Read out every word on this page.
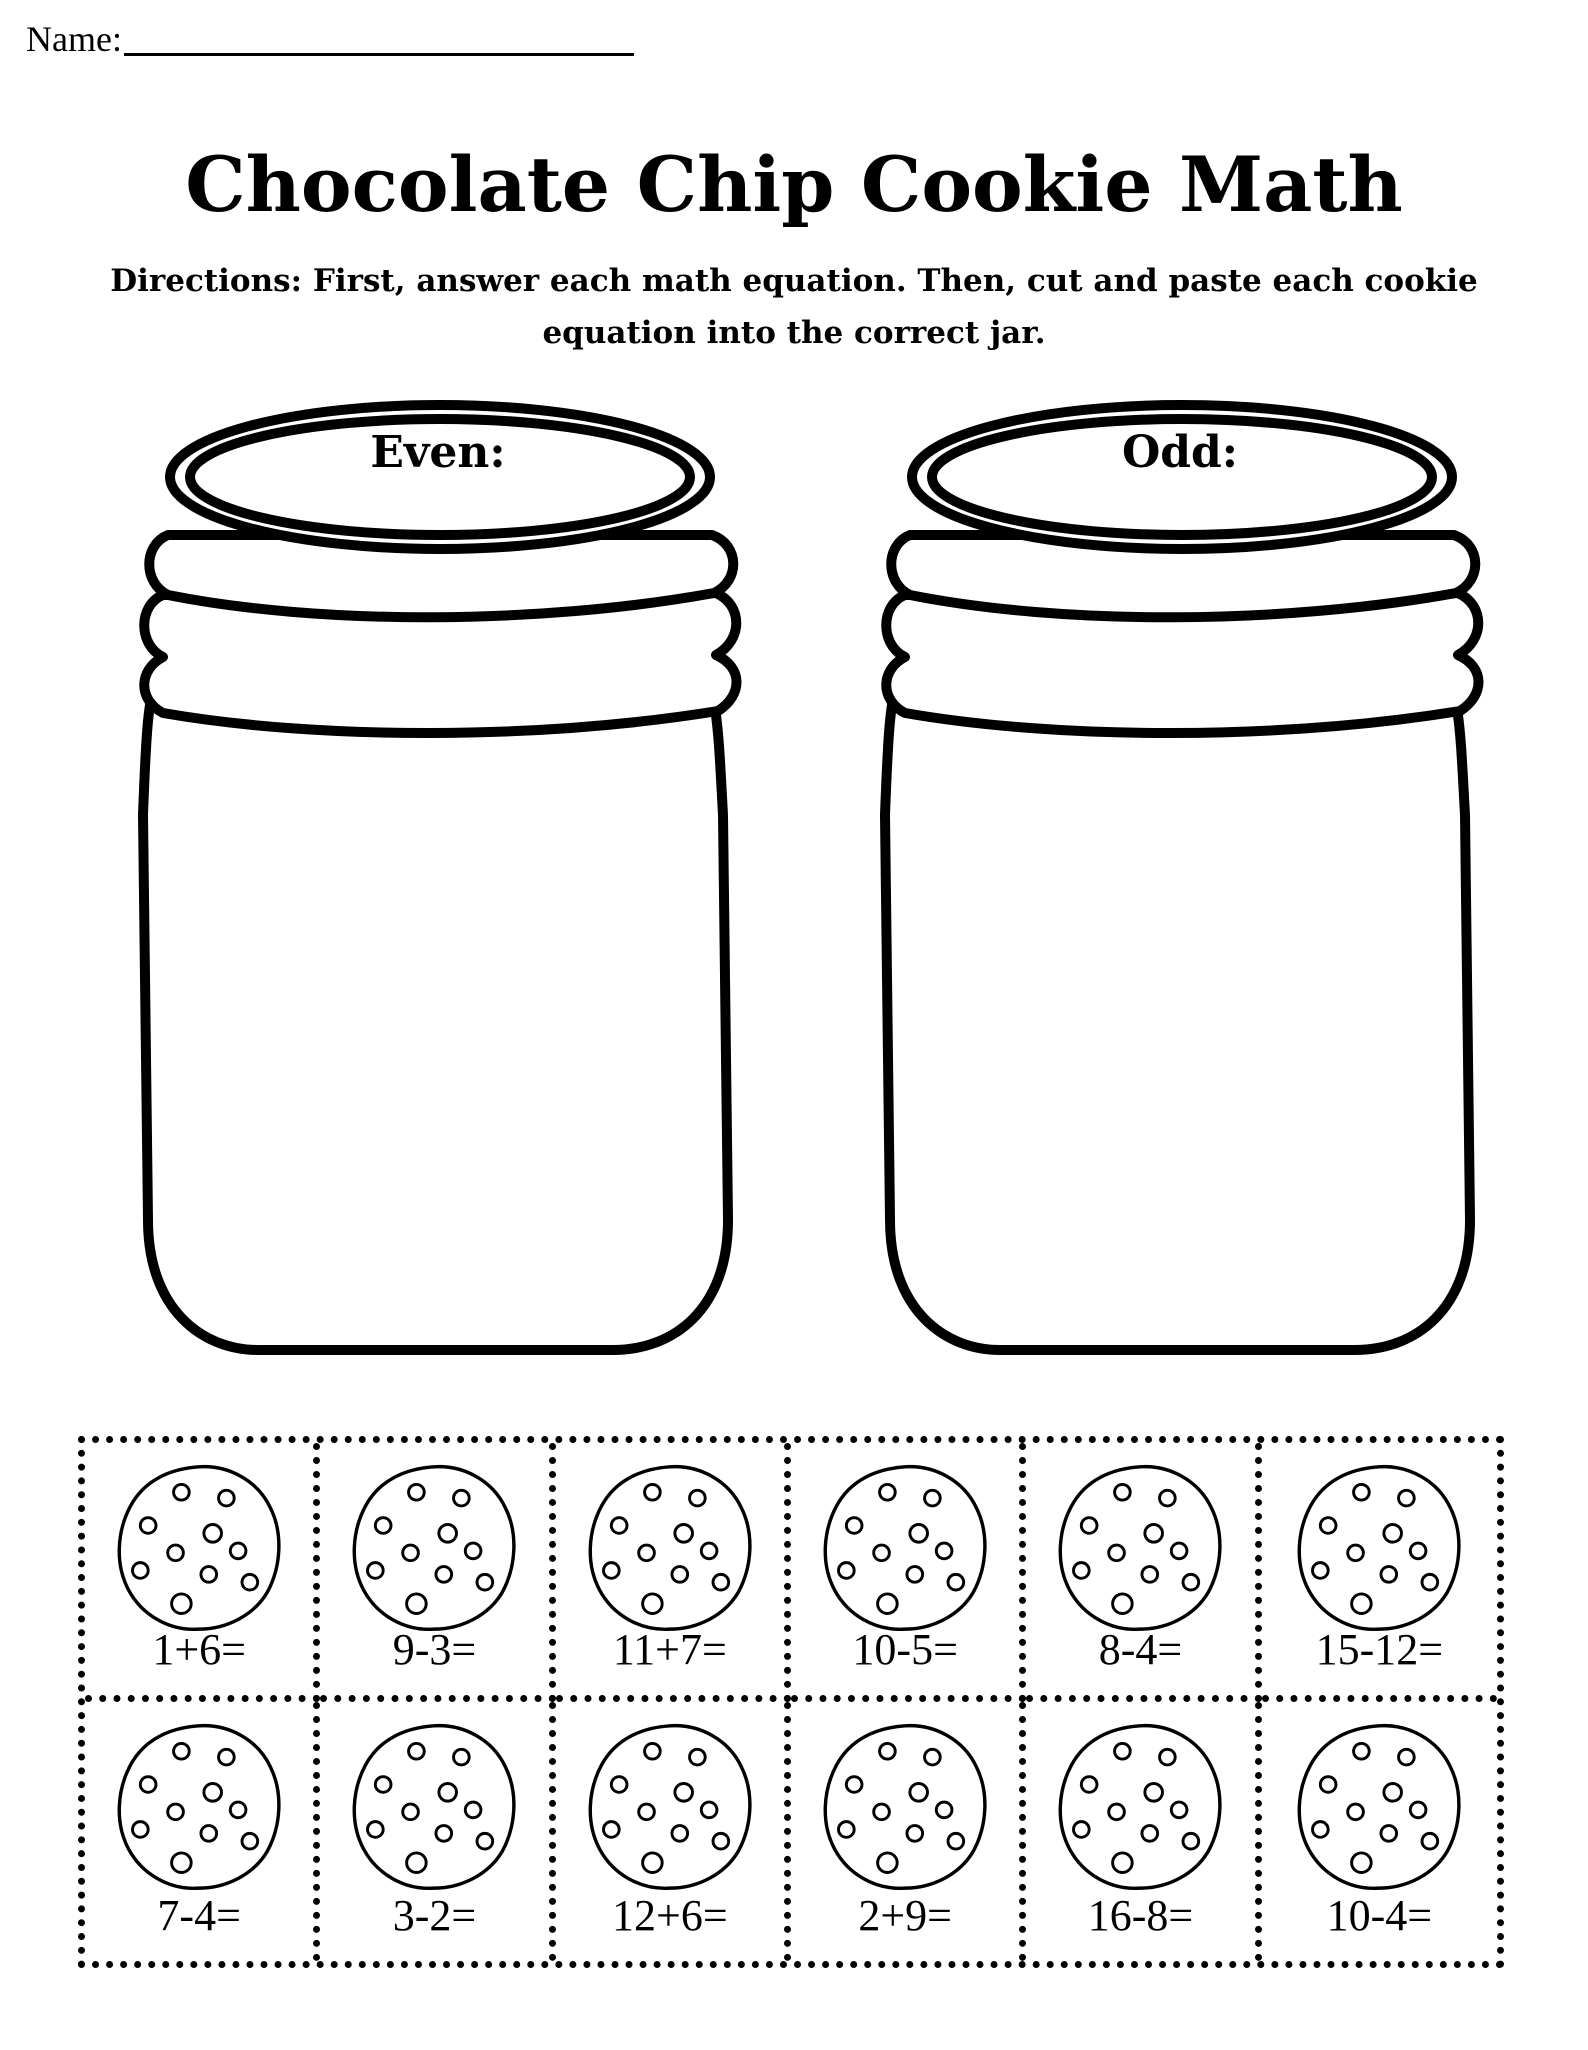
Name:
Chocolate Chip Cookie Math
Directions: First, answer each math equation. Then, cut and paste each cookie equation into the correct jar.
Even:	Odd:
1+6=	9-3=	11+7=	10-5=	8-4=	15-12=
7-4=	3-2=	12+6=	2+9=	16-8=	10-4=
